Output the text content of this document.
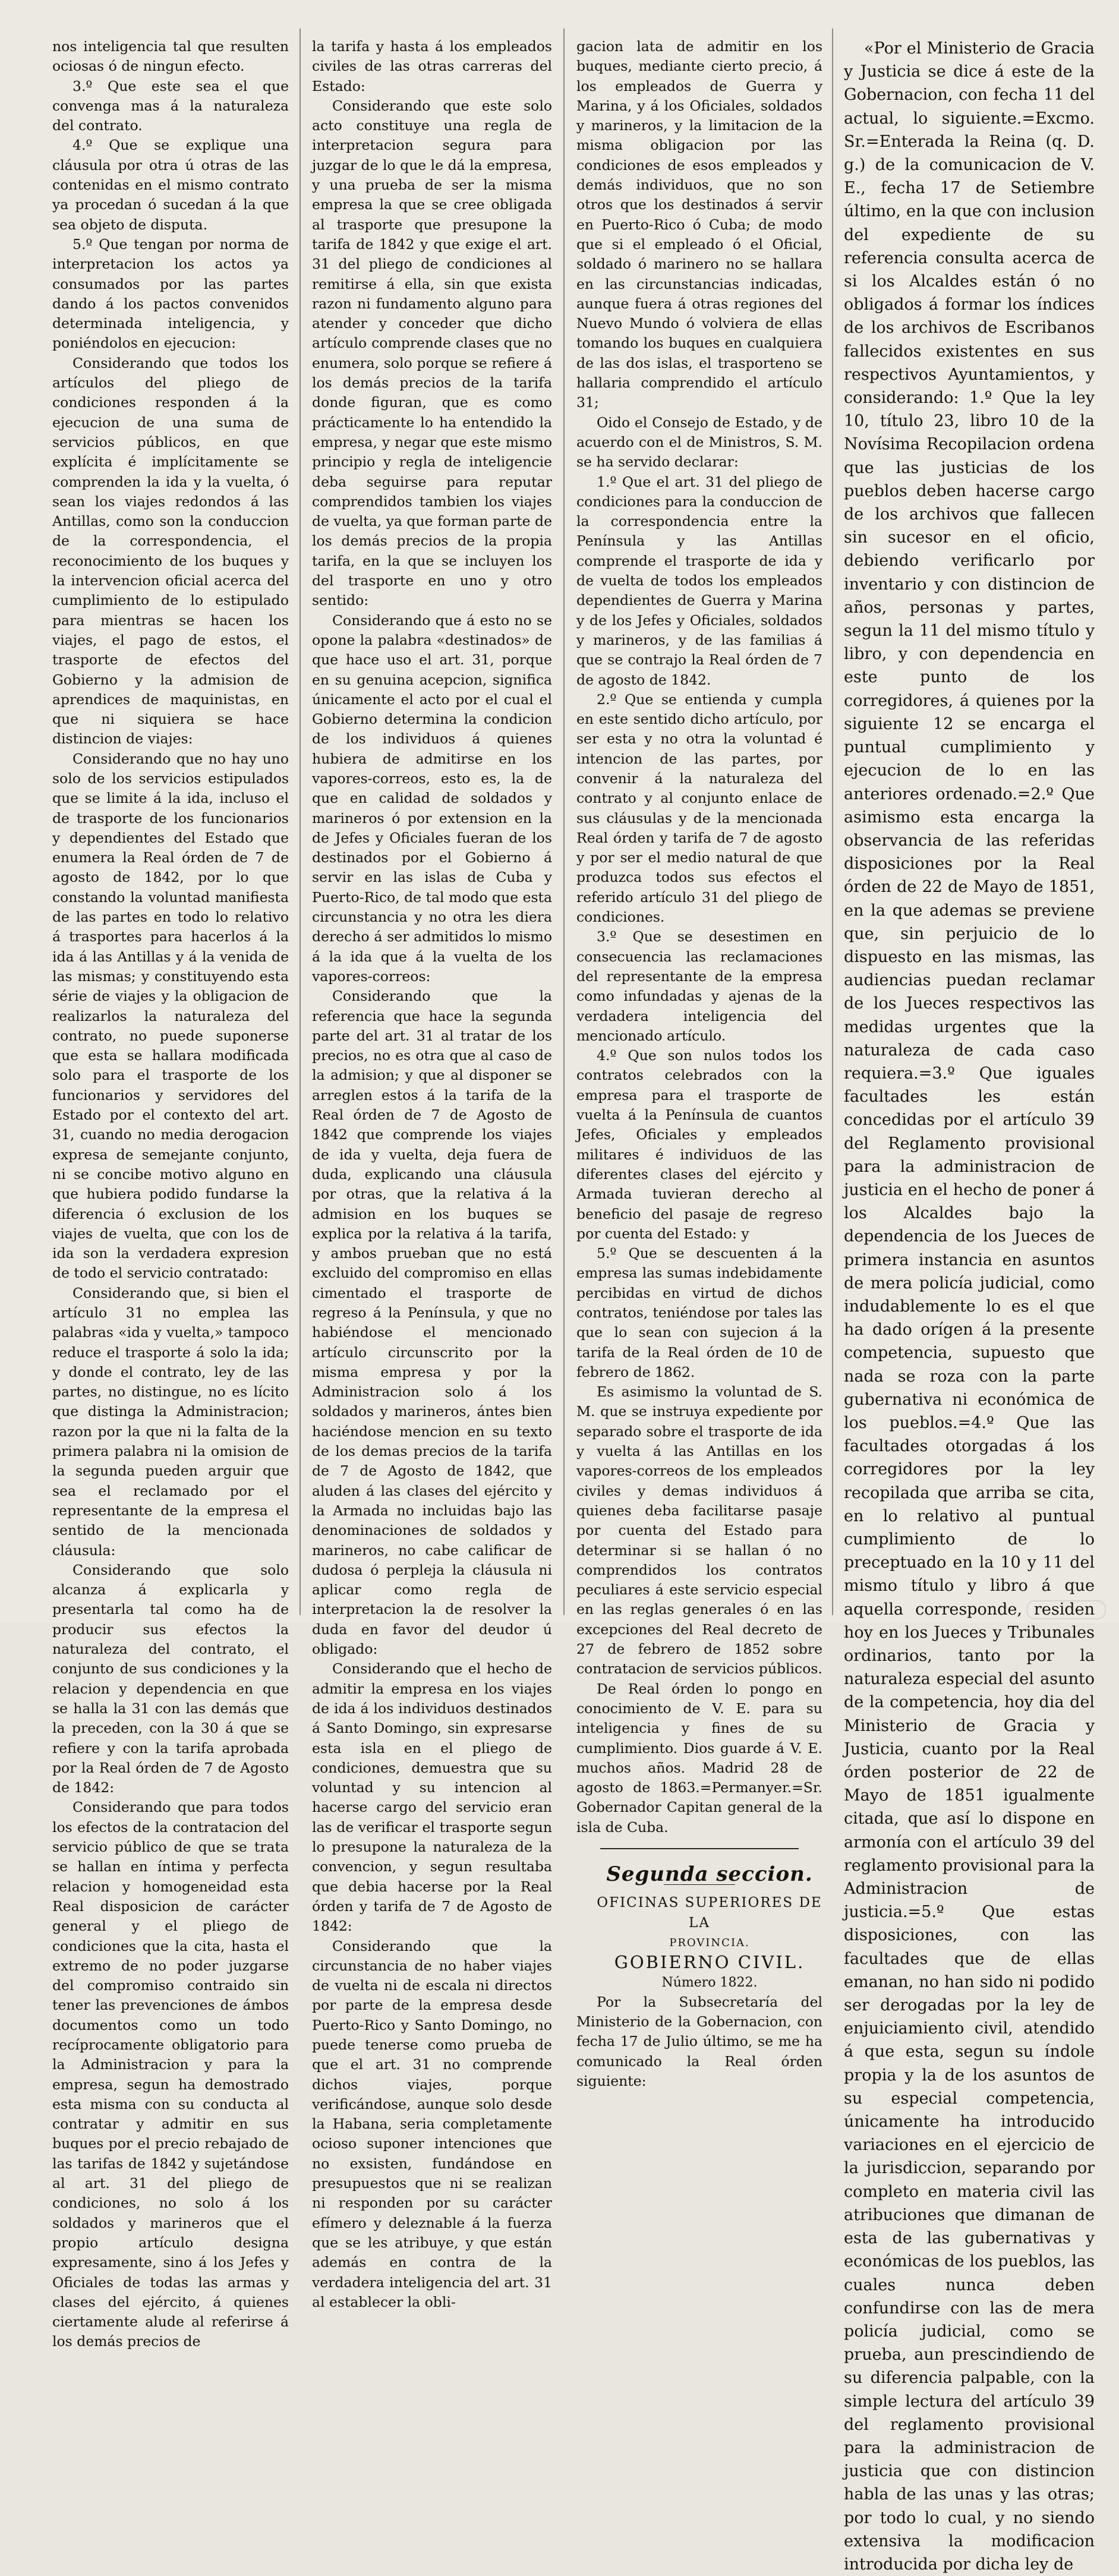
nos inteligencia tal que resulten ociosas ó de ningun efecto.

3.º Que este sea el que convenga mas á la naturaleza del contrato.

4.º Que se explique una cláusula por otra ú otras de las contenidas en el mismo contrato ya procedan ó sucedan á la que sea objeto de disputa.

5.º Que tengan por norma de interpretacion los actos ya consumados por las partes dando á los pactos convenidos determinada inteligencia, y poniéndolos en ejecucion:

Considerando que todos los artículos del pliego de condiciones responden á la ejecucion de una suma de servicios públicos, en que explícita é implícitamente se comprenden la ida y la vuelta, ó sean los viajes redondos á las Antillas, como son la conduccion de la correspondencia, el reconocimiento de los buques y la intervencion oficial acerca del cumplimiento de lo estipulado para mientras se hacen los viajes, el pago de estos, el trasporte de efectos del Gobierno y la admision de aprendices de maquinistas, en que ni siquiera se hace distincion de viajes:

Considerando que no hay uno solo de los servicios estipulados que se limite á la ida, incluso el de trasporte de los funcionarios y dependientes del Estado que enumera la Real órden de 7 de agosto de 1842, por lo que constando la voluntad manifiesta de las partes en todo lo relativo á trasportes para hacerlos á la ida á las Antillas y á la venida de las mismas; y constituyendo esta série de viajes y la obligacion de realizarlos la naturaleza del contrato, no puede suponerse que esta se hallara modificada solo para el trasporte de los funcionarios y servidores del Estado por el contexto del art. 31, cuando no media derogacion expresa de semejante conjunto, ni se concibe motivo alguno en que hubiera podido fundarse la diferencia ó exclusion de los viajes de vuelta, que con los de ida son la verdadera expresion de todo el servicio contratado:

Considerando que, si bien el artículo 31 no emplea las palabras «ida y vuelta,» tampoco reduce el trasporte á solo la ida; y donde el contrato, ley de las partes, no distingue, no es lícito que distinga la Administracion; razon por la que ni la falta de la primera palabra ni la omision de la segunda pueden arguir que sea el reclamado por el representante de la empresa el sentido de la mencionada cláusula:

Considerando que solo alcanza á explicarla y presentarla tal como ha de producir sus efectos la naturaleza del contrato, el conjunto de sus condiciones y la relacion y dependencia en que se halla la 31 con las demás que la preceden, con la 30 á que se refiere y con la tarifa aprobada por la Real órden de 7 de Agosto de 1842:

Considerando que para todos los efectos de la contratacion del servicio público de que se trata se hallan en íntima y perfecta relacion y homogeneidad esta Real disposicion de carácter general y el pliego de condiciones que la cita, hasta el extremo de no poder juzgarse del compromiso contraido sin tener las prevenciones de ámbos documentos como un todo recíprocamente obligatorio para la Administracion y para la empresa, segun ha demostrado esta misma con su conducta al contratar y admitir en sus buques por el precio rebajado de las tarifas de 1842 y sujetándose al art. 31 del pliego de condiciones, no solo á los soldados y marineros que el propio artículo designa expresamente, sino á los Jefes y Oficiales de todas las armas y clases del ejército, á quienes ciertamente alude al referirse á los demás precios de

la tarifa y hasta á los empleados civiles de las otras carreras del Estado:

Considerando que este solo acto constituye una regla de interpretacion segura para juzgar de lo que le dá la empresa, y una prueba de ser la misma empresa la que se cree obligada al trasporte que presupone la tarifa de 1842 y que exige el art. 31 del pliego de condiciones al remitirse á ella, sin que exista razon ni fundamento alguno para atender y conceder que dicho artículo comprende clases que no enumera, solo porque se refiere á los demás precios de la tarifa donde figuran, que es como prácticamente lo ha entendido la empresa, y negar que este mismo principio y regla de inteligencie deba seguirse para reputar comprendidos tambien los viajes de vuelta, ya que forman parte de los demás precios de la propia tarifa, en la que se incluyen los del trasporte en uno y otro sentido:

Considerando que á esto no se opone la palabra «destinados» de que hace uso el art. 31, porque en su genuina acepcion, significa únicamente el acto por el cual el Gobierno determina la condicion de los individuos á quienes hubiera de admitirse en los vapores-correos, esto es, la de que en calidad de soldados y marineros ó por extension en la de Jefes y Oficiales fueran de los destinados por el Gobierno á servir en las islas de Cuba y Puerto-Rico, de tal modo que esta circunstancia y no otra les diera derecho á ser admitidos lo mismo á la ida que á la vuelta de los vapores-correos:

Considerando que la referencia que hace la segunda parte del art. 31 al tratar de los precios, no es otra que al caso de la admision; y que al disponer se arreglen estos á la tarifa de la Real órden de 7 de Agosto de 1842 que comprende los viajes de ida y vuelta, deja fuera de duda, explicando una cláusula por otras, que la relativa á la admision en los buques se explica por la relativa á la tarifa, y ambos prueban que no está excluido del compromiso en ellas cimentado el trasporte de regreso á la Península, y que no habiéndose el mencionado artículo circunscrito por la misma empresa y por la Administracion solo á los soldados y marineros, ántes bien haciéndose mencion en su texto de los demas precios de la tarifa de 7 de Agosto de 1842, que aluden á las clases del ejército y la Armada no incluidas bajo las denominaciones de soldados y marineros, no cabe calificar de dudosa ó perpleja la cláusula ni aplicar como regla de interpretacion la de resolver la duda en favor del deudor ú obligado:

Considerando que el hecho de admitir la empresa en los viajes de ida á los individuos destinados á Santo Domingo, sin expresarse esta isla en el pliego de condiciones, demuestra que su voluntad y su intencion al hacerse cargo del servicio eran las de verificar el trasporte segun lo presupone la naturaleza de la convencion, y segun resultaba que debia hacerse por la Real órden y tarifa de 7 de Agosto de 1842:

Considerando que la circunstancia de no haber viajes de vuelta ni de escala ni directos por parte de la empresa desde Puerto-Rico y Santo Domingo, no puede tenerse como prueba de que el art. 31 no comprende dichos viajes, porque verificándose, aunque solo desde la Habana, seria completamente ocioso suponer intenciones que no exsisten, fundándose en presupuestos que ni se realizan ni responden por su carácter efímero y deleznable á la fuerza que se les atribuye, y que están además en contra de la verdadera inteligencia del art. 31 al establecer la obli-

gacion lata de admitir en los buques, mediante cierto precio, á los empleados de Guerra y Marina, y á los Oficiales, soldados y marineros, y la limitacion de la misma obligacion por las condiciones de esos empleados y demás individuos, que no son otros que los destinados á servir en Puerto-Rico ó Cuba; de modo que si el empleado ó el Oficial, soldado ó marinero no se hallara en las circunstancias indicadas, aunque fuera á otras regiones del Nuevo Mundo ó volviera de ellas tomando los buques en cualquiera de las dos islas, el trasporteno se hallaria comprendido el artículo 31;

Oido el Consejo de Estado, y de acuerdo con el de Ministros, S. M. se ha servido declarar:

1.º Que el art. 31 del pliego de condiciones para la conduccion de la correspondencia entre la Península y las Antillas comprende el trasporte de ida y de vuelta de todos los empleados dependientes de Guerra y Marina y de los Jefes y Oficiales, soldados y marineros, y de las familias á que se contrajo la Real órden de 7 de agosto de 1842.

2.º Que se entienda y cumpla en este sentido dicho artículo, por ser esta y no otra la voluntad é intencion de las partes, por convenir á la naturaleza del contrato y al conjunto enlace de sus cláusulas y de la mencionada Real órden y tarifa de 7 de agosto y por ser el medio natural de que produzca todos sus efectos el referido artículo 31 del pliego de condiciones.

3.º Que se desestimen en consecuencia las reclamaciones del representante de la empresa como infundadas y ajenas de la verdadera inteligencia del mencionado artículo.

4.º Que son nulos todos los contratos celebrados con la empresa para el trasporte de vuelta á la Península de cuantos Jefes, Oficiales y empleados militares é individuos de las diferentes clases del ejército y Armada tuvieran derecho al beneficio del pasaje de regreso por cuenta del Estado: y

5.º Que se descuenten á la empresa las sumas indebidamente percibidas en virtud de dichos contratos, teniéndose por tales las que lo sean con sujecion á la tarifa de la Real órden de 10 de febrero de 1862.

Es asimismo la voluntad de S. M. que se instruya expediente por separado sobre el trasporte de ida y vuelta á las Antillas en los vapores-correos de los empleados civiles y demas individuos á quienes deba facilitarse pasaje por cuenta del Estado para determinar si se hallan ó no comprendidos los contratos peculiares á este servicio especial en las reglas generales ó en las excepciones del Real decreto de 27 de febrero de 1852 sobre contratacion de servicios públicos.

De Real órden lo pongo en conocimiento de V. E. para su inteligencia y fines de su cumplimiento. Dios guarde á V. E. muchos años. Madrid 28 de agosto de 1863.=Permanyer.=Sr. Gobernador Capitan general de la isla de Cuba.

Segunda seccion.

OFICINAS SUPERIORES DE LA

PROVINCIA.

GOBIERNO CIVIL.

Número 1822.

Por la Subsecretaría del Ministerio de la Gobernacion, con fecha 17 de Julio último, se me ha comunicado la Real órden siguiente:

«Por el Ministerio de Gracia y Justicia se dice á este de la Gobernacion, con fecha 11 del actual, lo siguiente.=Excmo. Sr.=Enterada la Reina (q. D. g.) de la comunicacion de V. E., fecha 17 de Setiembre último, en la que con inclusion del expediente de su referencia consulta acerca de si los Alcaldes están ó no obligados á formar los índices de los archivos de Escribanos fallecidos existentes en sus respectivos Ayuntamientos, y considerando: 1.º Que la ley 10, título 23, libro 10 de la Novísima Recopilacion ordena que las justicias de los pueblos deben hacerse cargo de los archivos que fallecen sin sucesor en el oficio, debiendo verificarlo por inventario y con distincion de años, personas y partes, segun la 11 del mismo título y libro, y con dependencia en este punto de los corregidores, á quienes por la siguiente 12 se encarga el puntual cumplimiento y ejecucion de lo en las anteriores ordenado.=2.º Que asimismo esta encarga la observancia de las referidas disposiciones por la Real órden de 22 de Mayo de 1851, en la que ademas se previene que, sin perjuicio de lo dispuesto en las mismas, las audiencias puedan reclamar de los Jueces respectivos las medidas urgentes que la naturaleza de cada caso requiera.=3.º Que iguales facultades les están concedidas por el artículo 39 del Reglamento provisional para la administracion de justicia en el hecho de poner á los Alcaldes bajo la dependencia de los Jueces de primera instancia en asuntos de mera policía judicial, como indudablemente lo es el que ha dado orígen á la presente competencia, supuesto que nada se roza con la parte gubernativa ni económica de los pueblos.=4.º Que las facultades otorgadas á los corregidores por la ley recopilada que arriba se cita, en lo relativo al puntual cumplimiento de lo preceptuado en la 10 y 11 del mismo título y libro á que aquella corresponde, residen hoy en los Jueces y Tribunales ordinarios, tanto por la naturaleza especial del asunto de la competencia, hoy dia del Ministerio de Gracia y Justicia, cuanto por la Real órden posterior de 22 de Mayo de 1851 igualmente citada, que así lo dispone en armonía con el artículo 39 del reglamento provisional para la Administracion de justicia.=5.º Que estas disposiciones, con las facultades que de ellas emanan, no han sido ni podido ser derogadas por la ley de enjuiciamiento civil, atendido á que esta, segun su índole propia y la de los asuntos de su especial competencia, únicamente ha introducido variaciones en el ejercicio de la jurisdiccion, separando por completo en materia civil las atribuciones que dimanan de esta de las gubernativas y económicas de los pueblos, las cuales nunca deben confundirse con las de mera policía judicial, como se prueba, aun prescindiendo de su diferencia palpable, con la simple lectura del artículo 39 del reglamento provisional para la administracion de justicia que con distincion habla de las unas y las otras; por todo lo cual, y no siendo extensiva la modificacion introducida por dicha ley de
